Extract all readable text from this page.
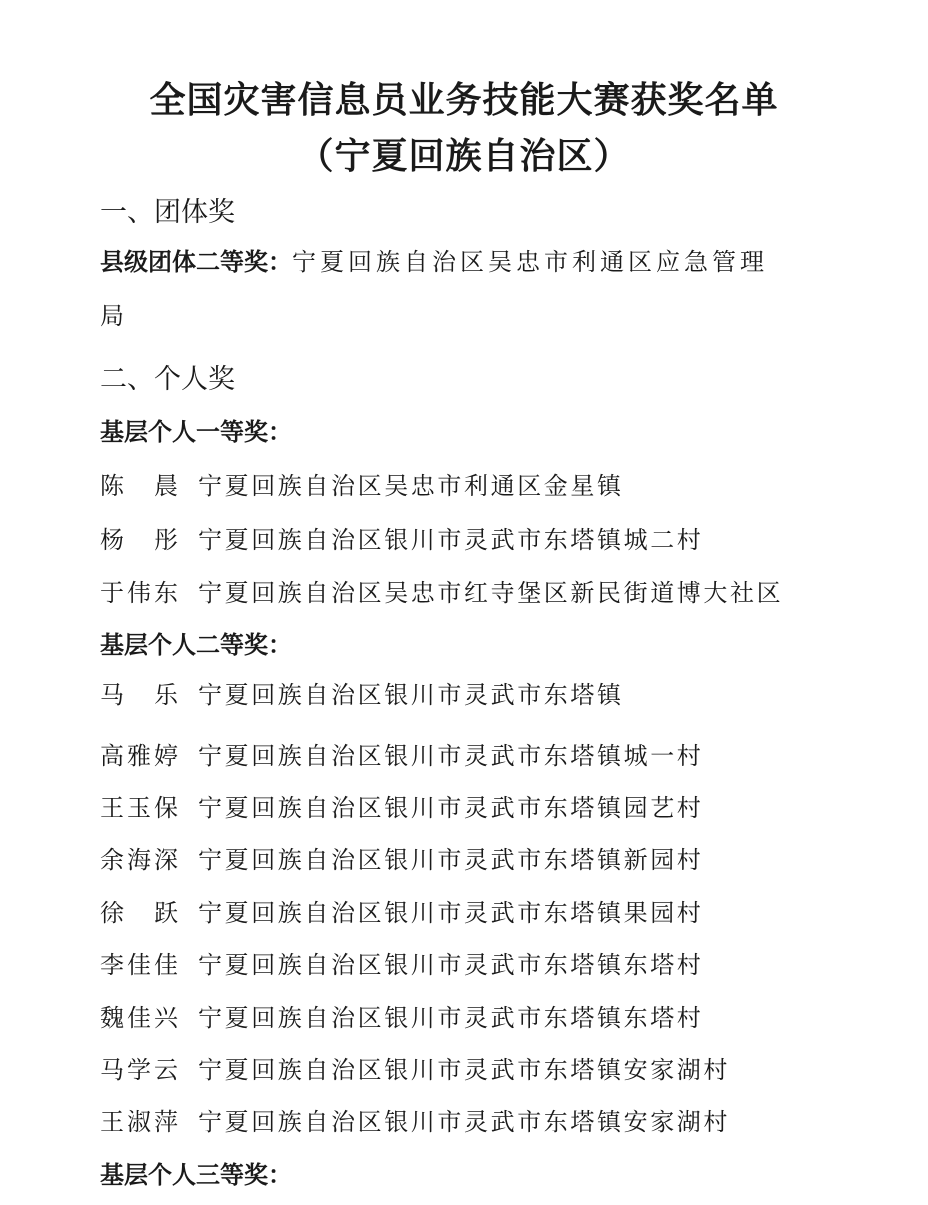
全国灾害信息员业务技能大赛获奖名单
（宁夏回族自治区）
一、团体奖
县级团体二等奖：宁夏回族自治区吴忠市利通区应急管理
局
二、个人奖
基层个人一等奖：
陈　晨 宁夏回族自治区吴忠市利通区金星镇
杨　彤 宁夏回族自治区银川市灵武市东塔镇城二村
于伟东 宁夏回族自治区吴忠市红寺堡区新民街道博大社区
基层个人二等奖：
马　乐 宁夏回族自治区银川市灵武市东塔镇
高雅婷 宁夏回族自治区银川市灵武市东塔镇城一村
王玉保 宁夏回族自治区银川市灵武市东塔镇园艺村
余海深 宁夏回族自治区银川市灵武市东塔镇新园村
徐　跃 宁夏回族自治区银川市灵武市东塔镇果园村
李佳佳 宁夏回族自治区银川市灵武市东塔镇东塔村
魏佳兴 宁夏回族自治区银川市灵武市东塔镇东塔村
马学云 宁夏回族自治区银川市灵武市东塔镇安家湖村
王淑萍 宁夏回族自治区银川市灵武市东塔镇安家湖村
基层个人三等奖：
